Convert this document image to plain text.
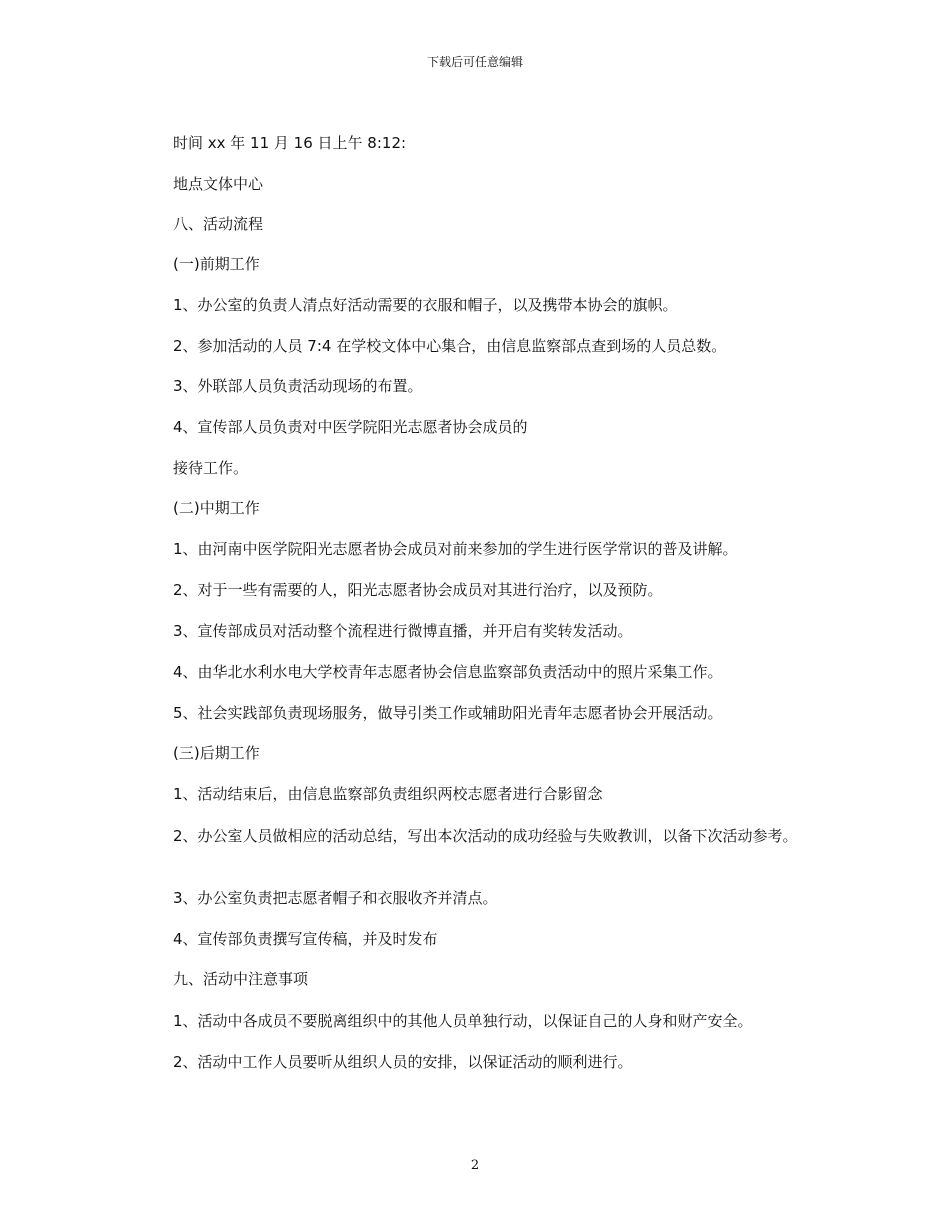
下载后可任意编辑
时间 xx 年 11 月 16 日上午 8:12:
地点文体中心
八、活动流程
(一)前期工作
1、办公室的负责人清点好活动需要的衣服和帽子，以及携带本协会的旗帜。
2、参加活动的人员 7:4 在学校文体中心集合，由信息监察部点查到场的人员总数。
3、外联部人员负责活动现场的布置。
4、宣传部人员负责对中医学院阳光志愿者协会成员的
接待工作。
(二)中期工作
1、由河南中医学院阳光志愿者协会成员对前来参加的学生进行医学常识的普及讲解。
2、对于一些有需要的人，阳光志愿者协会成员对其进行治疗，以及预防。
3、宣传部成员对活动整个流程进行微博直播，并开启有奖转发活动。
4、由华北水利水电大学校青年志愿者协会信息监察部负责活动中的照片采集工作。
5、社会实践部负责现场服务，做导引类工作或辅助阳光青年志愿者协会开展活动。
(三)后期工作
1、活动结束后，由信息监察部负责组织两校志愿者进行合影留念
2、办公室人员做相应的活动总结，写出本次活动的成功经验与失败教训，以备下次活动参考。
3、办公室负责把志愿者帽子和衣服收齐并清点。
4、宣传部负责撰写宣传稿，并及时发布
九、活动中注意事项
1、活动中各成员不要脱离组织中的其他人员单独行动，以保证自己的人身和财产安全。
2、活动中工作人员要听从组织人员的安排，以保证活动的顺利进行。
2
